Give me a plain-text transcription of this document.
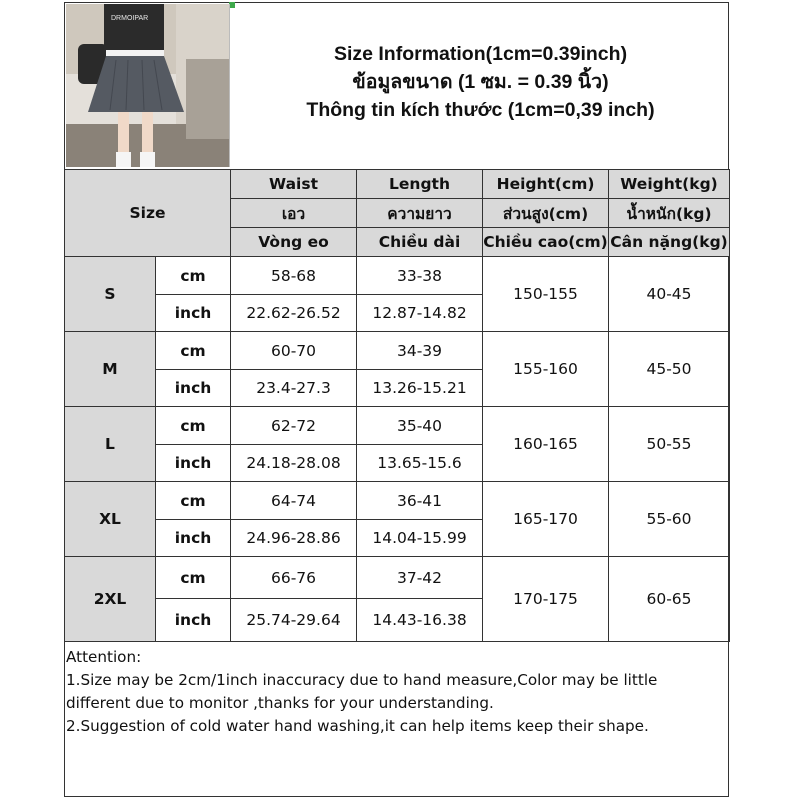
DRMOIPAR
Size Information(1cm=0.39inch)
ข้อมูลขนาด (1 ซม. = 0.39 นิ้ว)
Thông tin kích thước (1cm=0,39 inch)
Size		Waist	Length	Height(cm)	Weight(kg)
		เอว	ความยาว	ส่วนสูง(cm)	น้ำหนัก(kg)
		Vòng eo	Chiều dài	Chiều cao(cm)	Cân nặng(kg)
S	cm	58-68	33-38	150-155	40-45
	inch	22.62-26.52	12.87-14.82		
M	cm	60-70	34-39	155-160	45-50
	inch	23.4-27.3	13.26-15.21		
L	cm	62-72	35-40	160-165	50-55
	inch	24.18-28.08	13.65-15.6		
XL	cm	64-74	36-41	165-170	55-60
	inch	24.96-28.86	14.04-15.99		
2XL	cm	66-76	37-42	170-175	60-65
	inch	25.74-29.64	14.43-16.38		
Attention:
1.Size may be 2cm/1inch inaccuracy due to hand measure,Color may be little
different due to monitor ,thanks for your understanding.
2.Suggestion of cold water hand washing,it can help items keep their shape.
